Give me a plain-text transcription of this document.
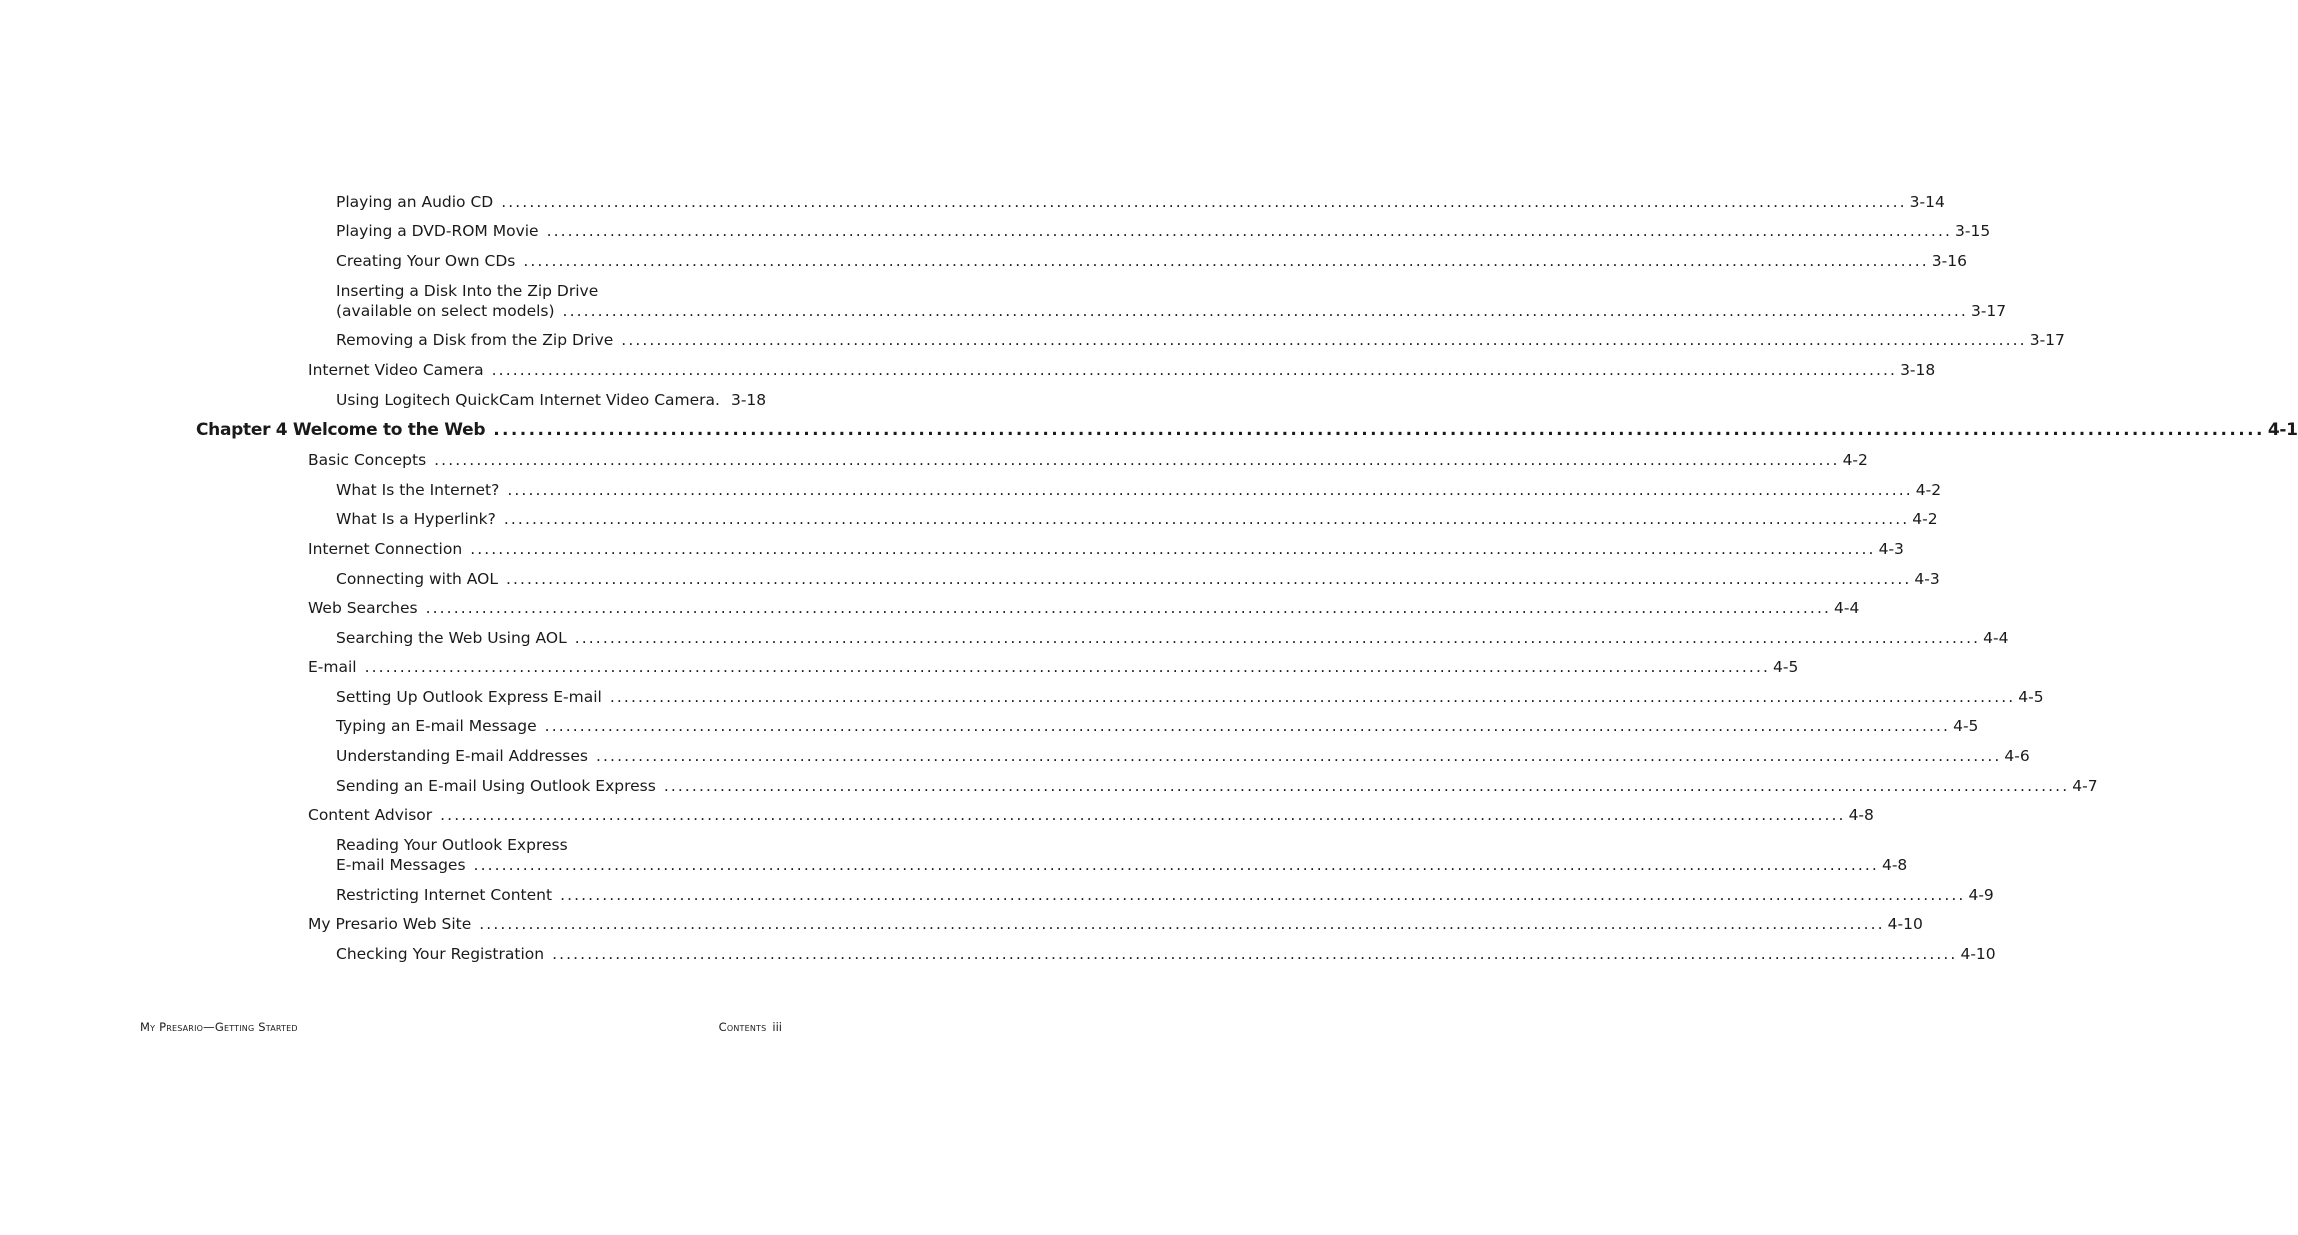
Playing an Audio CD ........................................................................................................................................................................................................ 3-14
Playing a DVD-ROM Movie ........................................................................................................................................................................................................ 3-15
Creating Your Own CDs ........................................................................................................................................................................................................ 3-16
Inserting a Disk Into the Zip Drive
(available on select models) ........................................................................................................................................................................................................ 3-17
Removing a Disk from the Zip Drive ........................................................................................................................................................................................................ 3-17
Internet Video Camera ........................................................................................................................................................................................................ 3-18
Using Logitech QuickCam Internet Video Camera. 3-18
Chapter 4 Welcome to the Web ........................................................................................................................................................................................................ 4-1
Basic Concepts ........................................................................................................................................................................................................ 4-2
What Is the Internet? ........................................................................................................................................................................................................ 4-2
What Is a Hyperlink? ........................................................................................................................................................................................................ 4-2
Internet Connection ........................................................................................................................................................................................................ 4-3
Connecting with AOL ........................................................................................................................................................................................................ 4-3
Web Searches ........................................................................................................................................................................................................ 4-4
Searching the Web Using AOL ........................................................................................................................................................................................................ 4-4
E-mail ........................................................................................................................................................................................................ 4-5
Setting Up Outlook Express E-mail ........................................................................................................................................................................................................ 4-5
Typing an E-mail Message ........................................................................................................................................................................................................ 4-5
Understanding E-mail Addresses ........................................................................................................................................................................................................ 4-6
Sending an E-mail Using Outlook Express ........................................................................................................................................................................................................ 4-7
Content Advisor ........................................................................................................................................................................................................ 4-8
Reading Your Outlook Express
E-mail Messages ........................................................................................................................................................................................................ 4-8
Restricting Internet Content ........................................................................................................................................................................................................ 4-9
My Presario Web Site ........................................................................................................................................................................................................ 4-10
Checking Your Registration ........................................................................................................................................................................................................ 4-10
My Presario—Getting Started	Contents iii
